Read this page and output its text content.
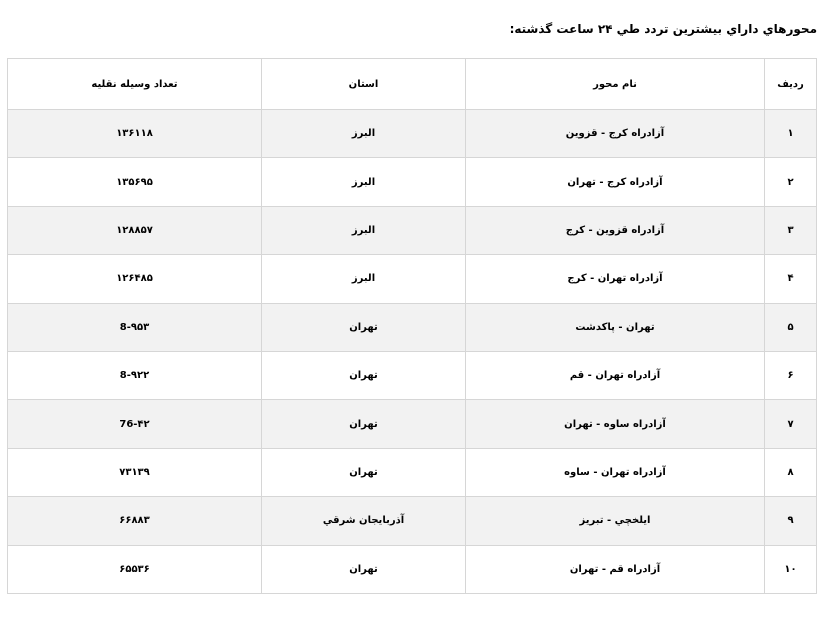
محورهاي داراي بيشترين تردد طي ۲۴ ساعت گذشته:
رديف	نام محور	استان	تعداد وسيله نقليه
۱	آزادراه کرج - قزوين	البرز	۱۳۶۱۱۸
۲	آزادراه کرج - تهران	البرز	۱۳۵۶۹۵
۳	آزادراه قزوين - کرج	البرز	۱۲۸۸۵۷
۴	آزادراه تهران - کرج	البرز	۱۲۶۴۸۵
۵	تهران - پاکدشت	تهران	8-۹۵۳
۶	آزادراه تهران - قم	تهران	8-۹۲۲
۷	آزادراه ساوه - تهران	تهران	76-۴۲
۸	آزادراه تهران - ساوه	تهران	۷۳۱۳۹
۹	ايلخچي - تبريز	آذربايجان شرقي	۶۶۸۸۳
۱۰	آزادراه قم - تهران	تهران	۶۵۵۳۶
